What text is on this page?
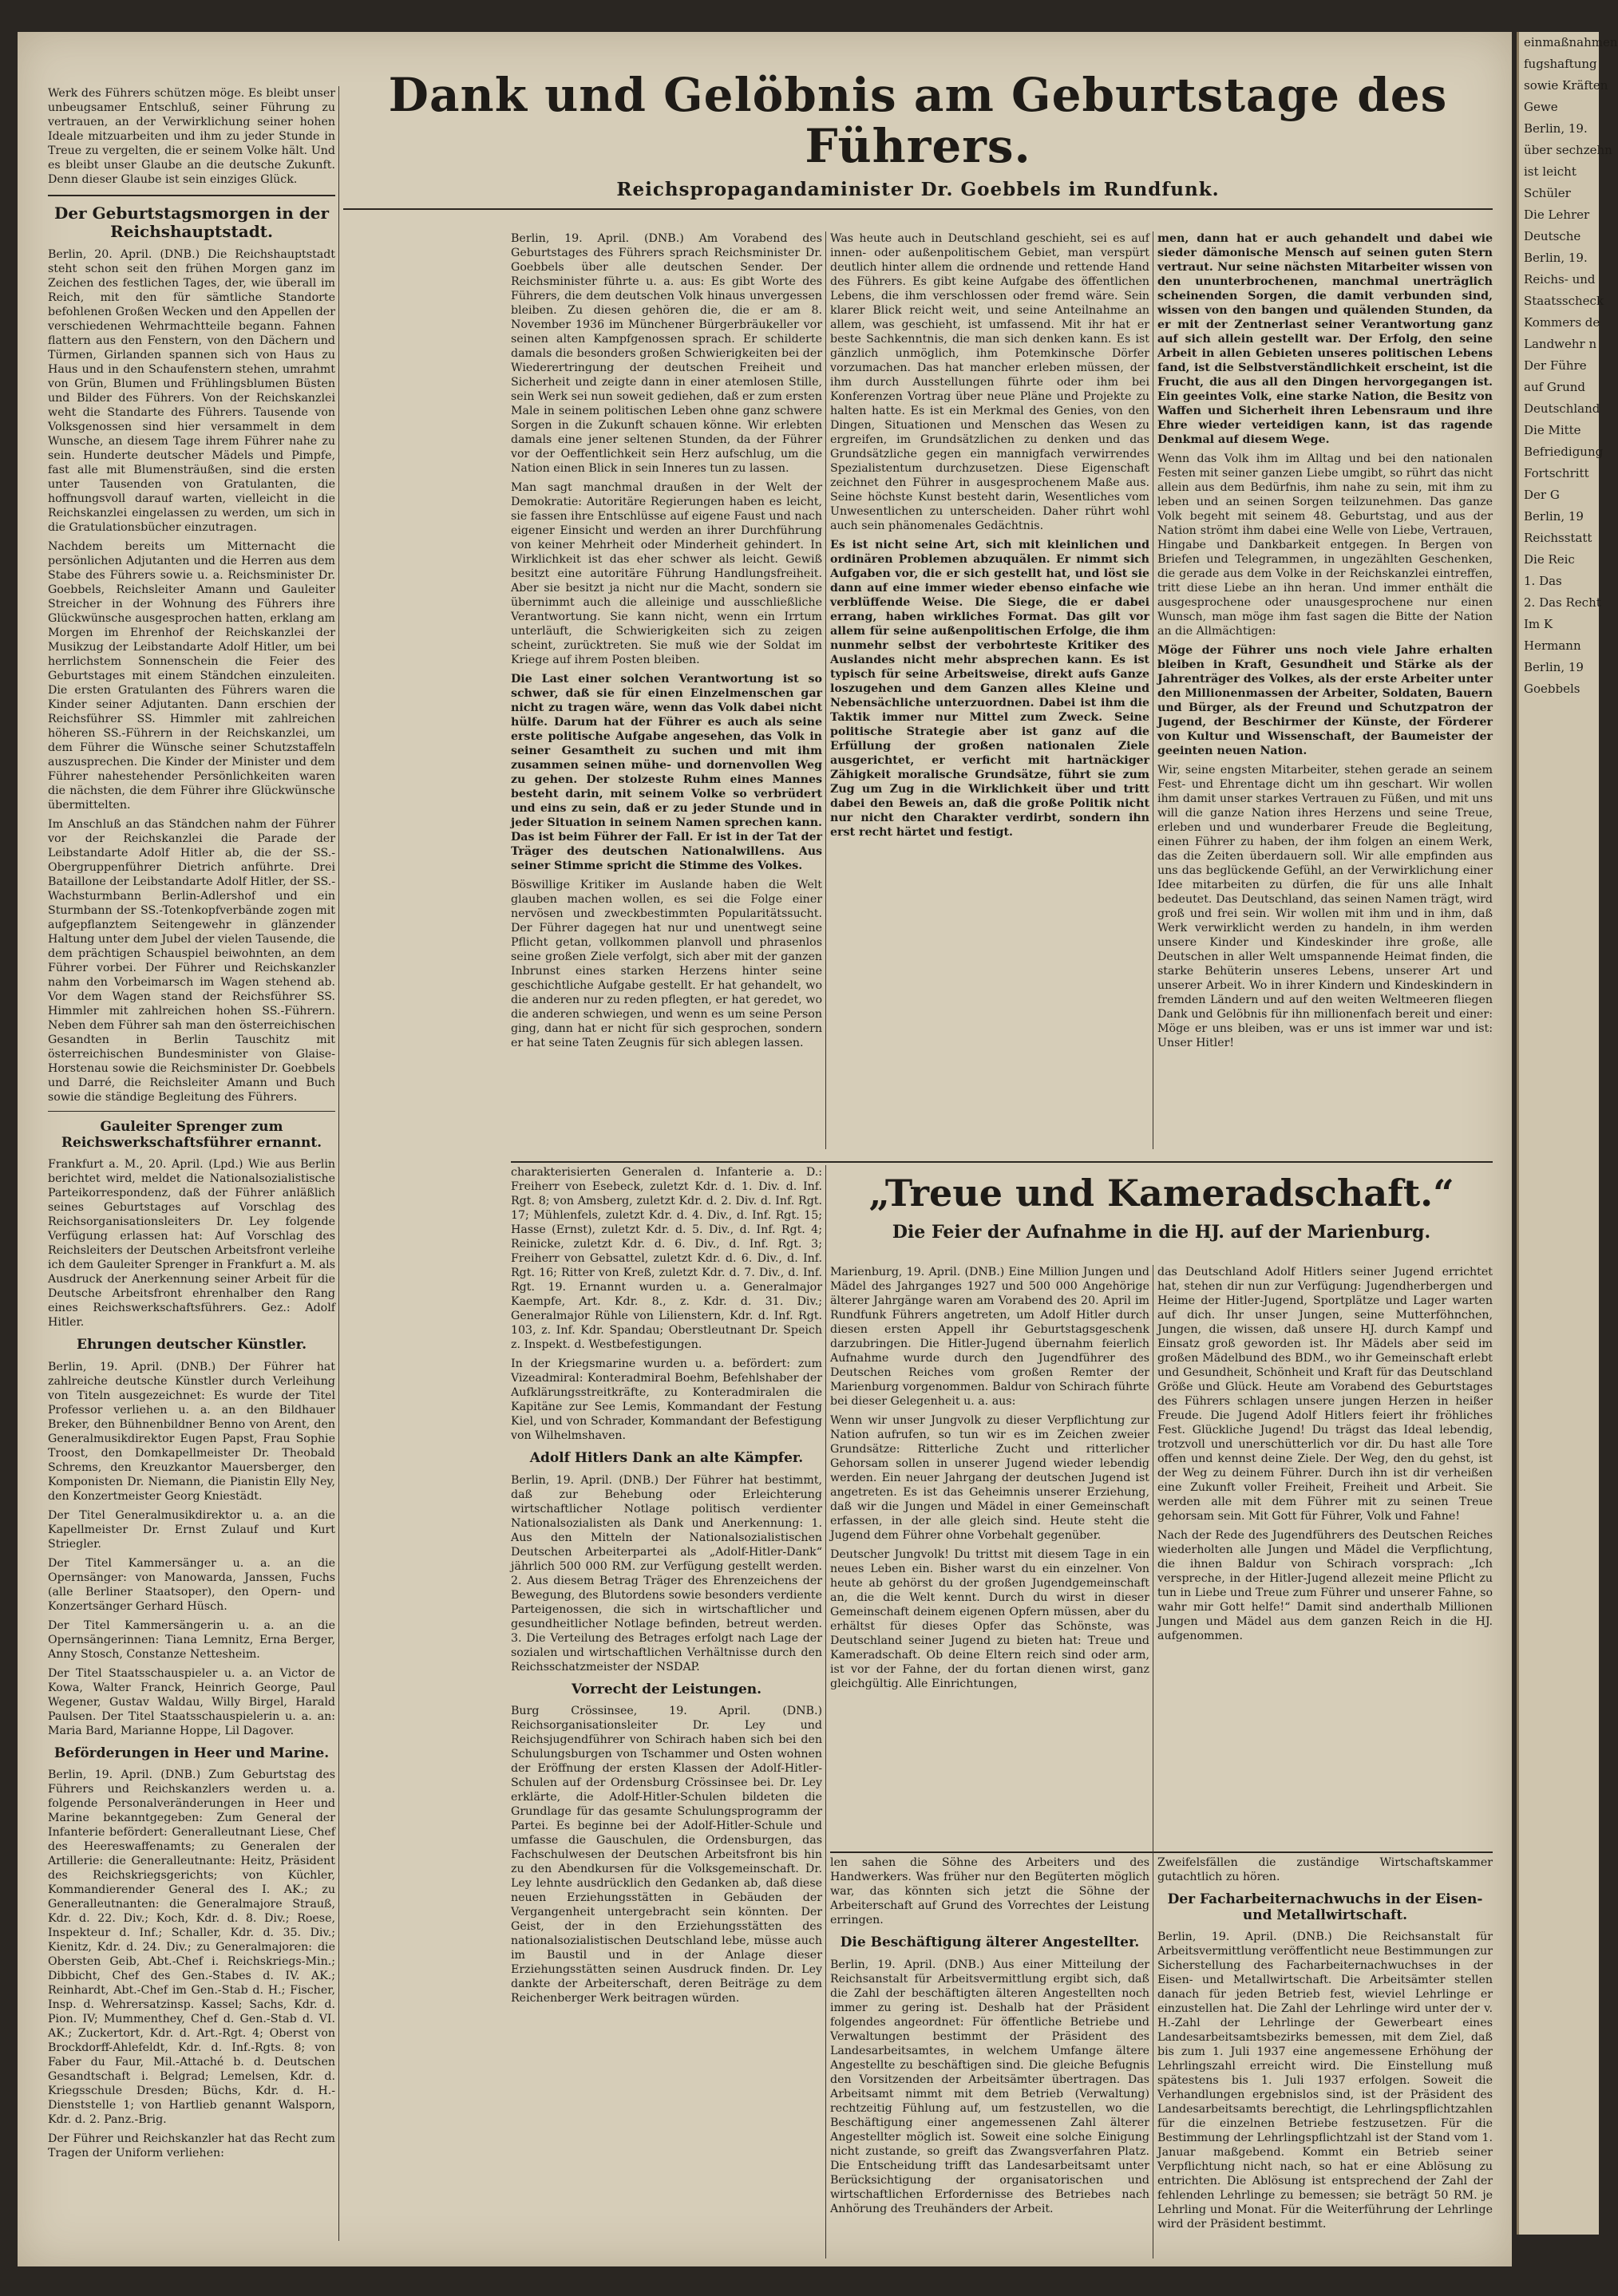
Werk des Führers schützen möge. Es bleibt unser unbeugsamer Entschluß, seiner Führung zu vertrauen, an der Verwirklichung seiner hohen Ideale mitzuarbeiten und ihm zu jeder Stunde in Treue zu vergelten, die er seinem Volke hält. Und es bleibt unser Glaube an die deutsche Zukunft. Denn dieser Glaube ist sein einziges Glück.

Der Geburtstagsmorgen in der Reichshauptstadt.

Berlin, 20. April. (DNB.) Die Reichshauptstadt steht schon seit den frühen Morgen ganz im Zeichen des festlichen Tages, der, wie überall im Reich, mit den für sämtliche Standorte befohlenen Großen Wecken und den Appellen der verschiedenen Wehrmachtteile begann. Fahnen flattern aus den Fenstern, von den Dächern und Türmen, Girlanden spannen sich von Haus zu Haus und in den Schaufenstern stehen, umrahmt von Grün, Blumen und Frühlingsblumen Büsten und Bilder des Führers. Von der Reichskanzlei weht die Standarte des Führers. Tausende von Volksgenossen sind hier versammelt in dem Wunsche, an diesem Tage ihrem Führer nahe zu sein. Hunderte deutscher Mädels und Pimpfe, fast alle mit Blumensträußen, sind die ersten unter Tausenden von Gratulanten, die hoffnungsvoll darauf warten, vielleicht in die Reichskanzlei eingelassen zu werden, um sich in die Gratulationsbücher einzutragen.

Nachdem bereits um Mitternacht die persönlichen Adjutanten und die Herren aus dem Stabe des Führers sowie u. a. Reichsminister Dr. Goebbels, Reichsleiter Amann und Gauleiter Streicher in der Wohnung des Führers ihre Glückwünsche ausgesprochen hatten, erklang am Morgen im Ehrenhof der Reichskanzlei der Musikzug der Leibstandarte Adolf Hitler, um bei herrlichstem Sonnenschein die Feier des Geburtstages mit einem Ständchen einzuleiten. Die ersten Gratulanten des Führers waren die Kinder seiner Adjutanten. Dann erschien der Reichsführer SS. Himmler mit zahlreichen höheren SS.-Führern in der Reichskanzlei, um dem Führer die Wünsche seiner Schutzstaffeln auszusprechen. Die Kinder der Minister und dem Führer nahestehender Persönlichkeiten waren die nächsten, die dem Führer ihre Glückwünsche übermittelten.

Im Anschluß an das Ständchen nahm der Führer vor der Reichskanzlei die Parade der Leibstandarte Adolf Hitler ab, die der SS.-Obergruppenführer Dietrich anführte. Drei Bataillone der Leibstandarte Adolf Hitler, der SS.-Wachsturmbann Berlin-Adlershof und ein Sturmbann der SS.-Totenkopfverbände zogen mit aufgepflanztem Seitengewehr in glänzender Haltung unter dem Jubel der vielen Tausende, die dem prächtigen Schauspiel beiwohnten, an dem Führer vorbei. Der Führer und Reichskanzler nahm den Vorbeimarsch im Wagen stehend ab. Vor dem Wagen stand der Reichsführer SS. Himmler mit zahlreichen hohen SS.-Führern. Neben dem Führer sah man den österreichischen Gesandten in Berlin Tauschitz mit österreichischen Bundesminister von Glaise-Horstenau sowie die Reichsminister Dr. Goebbels und Darré, die Reichsleiter Amann und Buch sowie die ständige Begleitung des Führers.

Gauleiter Sprenger zum Reichswerkschaftsführer ernannt.

Frankfurt a. M., 20. April. (Lpd.) Wie aus Berlin berichtet wird, meldet die Nationalsozialistische Parteikorrespondenz, daß der Führer anläßlich seines Geburtstages auf Vorschlag des Reichsorganisationsleiters Dr. Ley folgende Verfügung erlassen hat: Auf Vorschlag des Reichsleiters der Deutschen Arbeitsfront verleihe ich dem Gauleiter Sprenger in Frankfurt a. M. als Ausdruck der Anerkennung seiner Arbeit für die Deutsche Arbeitsfront ehrenhalber den Rang eines Reichswerkschaftsführers. Gez.: Adolf Hitler.

Ehrungen deutscher Künstler.

Berlin, 19. April. (DNB.) Der Führer hat zahlreiche deutsche Künstler durch Verleihung von Titeln ausgezeichnet: Es wurde der Titel Professor verliehen u. a. an den Bildhauer Breker, den Bühnenbildner Benno von Arent, den Generalmusikdirektor Eugen Papst, Frau Sophie Troost, den Domkapellmeister Dr. Theobald Schrems, den Kreuzkantor Mauersberger, den Komponisten Dr. Niemann, die Pianistin Elly Ney, den Konzertmeister Georg Kniestädt.

Der Titel Generalmusikdirektor u. a. an die Kapellmeister Dr. Ernst Zulauf und Kurt Striegler.

Der Titel Kammersänger u. a. an die Opernsänger: von Manowarda, Janssen, Fuchs (alle Berliner Staatsoper), den Opern- und Konzertsänger Gerhard Hüsch.

Der Titel Kammersängerin u. a. an die Opernsängerinnen: Tiana Lemnitz, Erna Berger, Anny Stosch, Constanze Nettesheim.

Der Titel Staatsschauspieler u. a. an Victor de Kowa, Walter Franck, Heinrich George, Paul Wegener, Gustav Waldau, Willy Birgel, Harald Paulsen. Der Titel Staatsschauspielerin u. a. an: Maria Bard, Marianne Hoppe, Lil Dagover.

Beförderungen in Heer und Marine.

Berlin, 19. April. (DNB.) Zum Geburtstag des Führers und Reichskanzlers werden u. a. folgende Personalveränderungen in Heer und Marine bekanntgegeben: Zum General der Infanterie befördert: Generalleutnant Liese, Chef des Heereswaffenamts; zu Generalen der Artillerie: die Generalleutnante: Heitz, Präsident des Reichskriegsgerichts; von Küchler, Kommandierender General des I. AK.; zu Generalleutnanten: die Generalmajore Strauß, Kdr. d. 22. Div.; Koch, Kdr. d. 8. Div.; Roese, Inspekteur d. Inf.; Schaller, Kdr. d. 35. Div.; Kienitz, Kdr. d. 24. Div.; zu Generalmajoren: die Obersten Geib, Abt.-Chef i. Reichskriegs-Min.; Dibbicht, Chef des Gen.-Stabes d. IV. AK.; Reinhardt, Abt.-Chef im Gen.-Stab d. H.; Fischer, Insp. d. Wehrersatzinsp. Kassel; Sachs, Kdr. d. Pion. IV; Mummenthey, Chef d. Gen.-Stab d. VI. AK.; Zuckertort, Kdr. d. Art.-Rgt. 4; Oberst von Brockdorff-Ahlefeldt, Kdr. d. Inf.-Rgts. 8; von Faber du Faur, Mil.-Attaché b. d. Deutschen Gesandtschaft i. Belgrad; Lemelsen, Kdr. d. Kriegsschule Dresden; Büchs, Kdr. d. H.-Dienststelle 1; von Hartlieb genannt Walsporn, Kdr. d. 2. Panz.-Brig.

Der Führer und Reichskanzler hat das Recht zum Tragen der Uniform verliehen:

Dank und Gelöbnis am Geburtstage des Führers.
Reichspropagandaminister Dr. Goebbels im Rundfunk.

Berlin, 19. April. (DNB.) Am Vorabend des Geburtstages des Führers sprach Reichsminister Dr. Goebbels über alle deutschen Sender. Der Reichsminister führte u. a. aus: Es gibt Worte des Führers, die dem deutschen Volk hinaus unvergessen bleiben. Zu diesen gehören die, die er am 8. November 1936 im Münchener Bürgerbräukeller vor seinen alten Kampfgenossen sprach. Er schilderte damals die besonders großen Schwierigkeiten bei der Wiederertringung der deutschen Freiheit und Sicherheit und zeigte dann in einer atemlosen Stille, sein Werk sei nun soweit gediehen, daß er zum ersten Male in seinem politischen Leben ohne ganz schwere Sorgen in die Zukunft schauen könne. Wir erlebten damals eine jener seltenen Stunden, da der Führer vor der Oeffentlichkeit sein Herz aufschlug, um die Nation einen Blick in sein Inneres tun zu lassen.

Man sagt manchmal draußen in der Welt der Demokratie: Autoritäre Regierungen haben es leicht, sie fassen ihre Entschlüsse auf eigene Faust und nach eigener Einsicht und werden an ihrer Durchführung von keiner Mehrheit oder Minderheit gehindert. In Wirklichkeit ist das eher schwer als leicht. Gewiß besitzt eine autoritäre Führung Handlungsfreiheit. Aber sie besitzt ja nicht nur die Macht, sondern sie übernimmt auch die alleinige und ausschließliche Verantwortung. Sie kann nicht, wenn ein Irrtum unterläuft, die Schwierigkeiten sich zu zeigen scheint, zurücktreten. Sie muß wie der Soldat im Kriege auf ihrem Posten bleiben.

Die Last einer solchen Verantwortung ist so schwer, daß sie für einen Einzelmenschen gar nicht zu tragen wäre, wenn das Volk dabei nicht hülfe. Darum hat der Führer es auch als seine erste politische Aufgabe angesehen, das Volk in seiner Gesamtheit zu suchen und mit ihm zusammen seinen mühe- und dornenvollen Weg zu gehen. Der stolzeste Ruhm eines Mannes besteht darin, mit seinem Volke so verbrüdert und eins zu sein, daß er zu jeder Stunde und in jeder Situation in seinem Namen sprechen kann. Das ist beim Führer der Fall. Er ist in der Tat der Träger des deutschen Nationalwillens. Aus seiner Stimme spricht die Stimme des Volkes.

Böswillige Kritiker im Auslande haben die Welt glauben machen wollen, es sei die Folge einer nervösen und zweckbestimmten Popularitätssucht. Der Führer dagegen hat nur und unentwegt seine Pflicht getan, vollkommen planvoll und phrasenlos seine großen Ziele verfolgt, sich aber mit der ganzen Inbrunst eines starken Herzens hinter seine geschichtliche Aufgabe gestellt. Er hat gehandelt, wo die anderen nur zu reden pflegten, er hat geredet, wo die anderen schwiegen, und wenn es um seine Person ging, dann hat er nicht für sich gesprochen, sondern er hat seine Taten Zeugnis für sich ablegen lassen.

Was heute auch in Deutschland geschieht, sei es auf innen- oder außenpolitischem Gebiet, man verspürt deutlich hinter allem die ordnende und rettende Hand des Führers. Es gibt keine Aufgabe des öffentlichen Lebens, die ihm verschlossen oder fremd wäre. Sein klarer Blick reicht weit, und seine Anteilnahme an allem, was geschieht, ist umfassend. Mit ihr hat er beste Sachkenntnis, die man sich denken kann. Es ist gänzlich unmöglich, ihm Potemkinsche Dörfer vorzumachen. Das hat mancher erleben müssen, der ihm durch Ausstellungen führte oder ihm bei Konferenzen Vortrag über neue Pläne und Projekte zu halten hatte. Es ist ein Merkmal des Genies, von den Dingen, Situationen und Menschen das Wesen zu ergreifen, im Grundsätzlichen zu denken und das Grundsätzliche gegen ein mannigfach verwirrendes Spezialistentum durchzusetzen. Diese Eigenschaft zeichnet den Führer in ausgesprochenem Maße aus. Seine höchste Kunst besteht darin, Wesentliches vom Unwesentlichen zu unterscheiden. Daher rührt wohl auch sein phänomenales Gedächtnis.

Es ist nicht seine Art, sich mit kleinlichen und ordinären Problemen abzuquälen. Er nimmt sich Aufgaben vor, die er sich gestellt hat, und löst sie dann auf eine immer wieder ebenso einfache wie verblüffende Weise. Die Siege, die er dabei errang, haben wirkliches Format. Das gilt vor allem für seine außenpolitischen Erfolge, die ihm nunmehr selbst der verbohrteste Kritiker des Auslandes nicht mehr absprechen kann. Es ist typisch für seine Arbeitsweise, direkt aufs Ganze loszugehen und dem Ganzen alles Kleine und Nebensächliche unterzuordnen. Dabei ist ihm die Taktik immer nur Mittel zum Zweck. Seine politische Strategie aber ist ganz auf die Erfüllung der großen nationalen Ziele ausgerichtet, er verficht mit hartnäckiger Zähigkeit moralische Grundsätze, führt sie zum Zug um Zug in die Wirklichkeit über und tritt dabei den Beweis an, daß die große Politik nicht nur nicht den Charakter verdirbt, sondern ihn erst recht härtet und festigt.

men, dann hat er auch gehandelt und dabei wie sieder dämonische Mensch auf seinen guten Stern vertraut. Nur seine nächsten Mitarbeiter wissen von den ununterbrochenen, manchmal unerträglich scheinenden Sorgen, die damit verbunden sind, wissen von den bangen und quälenden Stunden, da er mit der Zentnerlast seiner Verantwortung ganz auf sich allein gestellt war. Der Erfolg, den seine Arbeit in allen Gebieten unseres politischen Lebens fand, ist die Selbstverständlichkeit erscheint, ist die Frucht, die aus all den Dingen hervorgegangen ist. Ein geeintes Volk, eine starke Nation, die Besitz von Waffen und Sicherheit ihren Lebensraum und ihre Ehre wieder verteidigen kann, ist das ragende Denkmal auf diesem Wege.

Wenn das Volk ihm im Alltag und bei den nationalen Festen mit seiner ganzen Liebe umgibt, so rührt das nicht allein aus dem Bedürfnis, ihm nahe zu sein, mit ihm zu leben und an seinen Sorgen teilzunehmen. Das ganze Volk begeht mit seinem 48. Geburtstag, und aus der Nation strömt ihm dabei eine Welle von Liebe, Vertrauen, Hingabe und Dankbarkeit entgegen. In Bergen von Briefen und Telegrammen, in ungezählten Geschenken, die gerade aus dem Volke in der Reichskanzlei eintreffen, tritt diese Liebe an ihn heran. Und immer enthält die ausgesprochene oder unausgesprochene nur einen Wunsch, man möge ihm fast sagen die Bitte der Nation an die Allmächtigen:

Möge der Führer uns noch viele Jahre erhalten bleiben in Kraft, Gesundheit und Stärke als der Jahrenträger des Volkes, als der erste Arbeiter unter den Millionenmassen der Arbeiter, Soldaten, Bauern und Bürger, als der Freund und Schutzpatron der Jugend, der Beschirmer der Künste, der Förderer von Kultur und Wissenschaft, der Baumeister der geeinten neuen Nation.

Wir, seine engsten Mitarbeiter, stehen gerade an seinem Fest- und Ehrentage dicht um ihn geschart. Wir wollen ihm damit unser starkes Vertrauen zu Füßen, und mit uns will die ganze Nation ihres Herzens und seine Treue, erleben und und wunderbarer Freude die Begleitung, einen Führer zu haben, der ihm folgen an einem Werk, das die Zeiten überdauern soll. Wir alle empfinden aus uns das beglückende Gefühl, an der Verwirklichung einer Idee mitarbeiten zu dürfen, die für uns alle Inhalt bedeutet. Das Deutschland, das seinen Namen trägt, wird groß und frei sein. Wir wollen mit ihm und in ihm, daß Werk verwirklicht werden zu handeln, in ihm werden unsere Kinder und Kindeskinder ihre große, alle Deutschen in aller Welt umspannende Heimat finden, die starke Behüterin unseres Lebens, unserer Art und unserer Arbeit. Wo in ihrer Kindern und Kindeskindern in fremden Ländern und auf den weiten Weltmeeren fliegen Dank und Gelöbnis für ihn millionenfach bereit und einer: Möge er uns bleiben, was er uns ist immer war und ist: Unser Hitler!

charakterisierten Generalen d. Infanterie a. D.: Freiherr von Esebeck, zuletzt Kdr. d. 1. Div. d. Inf. Rgt. 8; von Amsberg, zuletzt Kdr. d. 2. Div. d. Inf. Rgt. 17; Mühlenfels, zuletzt Kdr. d. 4. Div., d. Inf. Rgt. 15; Hasse (Ernst), zuletzt Kdr. d. 5. Div., d. Inf. Rgt. 4; Reinicke, zuletzt Kdr. d. 6. Div., d. Inf. Rgt. 3; Freiherr von Gebsattel, zuletzt Kdr. d. 6. Div., d. Inf. Rgt. 16; Ritter von Kreß, zuletzt Kdr. d. 7. Div., d. Inf. Rgt. 19. Ernannt wurden u. a. Generalmajor Kaempfe, Art. Kdr. 8., z. Kdr. d. 31. Div.; Generalmajor Rühle von Lilienstern, Kdr. d. Inf. Rgt. 103, z. Inf. Kdr. Spandau; Oberstleutnant Dr. Speich z. Inspekt. d. Westbefestigungen.

In der Kriegsmarine wurden u. a. befördert: zum Vizeadmiral: Konteradmiral Boehm, Befehlshaber der Aufklärungsstreitkräfte, zu Konteradmiralen die Kapitäne zur See Lemis, Kommandant der Festung Kiel, und von Schrader, Kommandant der Befestigung von Wilhelmshaven.

Adolf Hitlers Dank an alte Kämpfer.

Berlin, 19. April. (DNB.) Der Führer hat bestimmt, daß zur Behebung oder Erleichterung wirtschaftlicher Notlage politisch verdienter Nationalsozialisten als Dank und Anerkennung: 1. Aus den Mitteln der Nationalsozialistischen Deutschen Arbeiterpartei als „Adolf-Hitler-Dank“ jährlich 500 000 RM. zur Verfügung gestellt werden. 2. Aus diesem Betrag Träger des Ehrenzeichens der Bewegung, des Blutordens sowie besonders verdiente Parteigenossen, die sich in wirtschaftlicher und gesundheitlicher Notlage befinden, betreut werden. 3. Die Verteilung des Betrages erfolgt nach Lage der sozialen und wirtschaftlichen Verhältnisse durch den Reichsschatzmeister der NSDAP.

Vorrecht der Leistungen.

Burg Crössinsee, 19. April. (DNB.) Reichsorganisationsleiter Dr. Ley und Reichsjugendführer von Schirach haben sich bei den Schulungsburgen von Tschammer und Osten wohnen der Eröffnung der ersten Klassen der Adolf-Hitler-Schulen auf der Ordensburg Crössinsee bei. Dr. Ley erklärte, die Adolf-Hitler-Schulen bildeten die Grundlage für das gesamte Schulungsprogramm der Partei. Es beginne bei der Adolf-Hitler-Schule und umfasse die Gauschulen, die Ordensburgen, das Fachschulwesen der Deutschen Arbeitsfront bis hin zu den Abendkursen für die Volksgemeinschaft. Dr. Ley lehnte ausdrücklich den Gedanken ab, daß diese neuen Erziehungsstätten in Gebäuden der Vergangenheit untergebracht sein könnten. Der Geist, der in den Erziehungsstätten des nationalsozialistischen Deutschland lebe, müsse auch im Baustil und in der Anlage dieser Erziehungsstätten seinen Ausdruck finden. Dr. Ley dankte der Arbeiterschaft, deren Beiträge zu dem Reichenberger Werk beitragen würden.

„Treue und Kameradschaft.“
Die Feier der Aufnahme in die HJ. auf der Marienburg.

Marienburg, 19. April. (DNB.) Eine Million Jungen und Mädel des Jahrganges 1927 und 500 000 Angehörige älterer Jahrgänge waren am Vorabend des 20. April im Rundfunk Führers angetreten, um Adolf Hitler durch diesen ersten Appell ihr Geburtstagsgeschenk darzubringen. Die Hitler-Jugend übernahm feierlich Aufnahme wurde durch den Jugendführer des Deutschen Reiches vom großen Remter der Marienburg vorgenommen. Baldur von Schirach führte bei dieser Gelegenheit u. a. aus:

Wenn wir unser Jungvolk zu dieser Verpflichtung zur Nation aufrufen, so tun wir es im Zeichen zweier Grundsätze: Ritterliche Zucht und ritterlicher Gehorsam sollen in unserer Jugend wieder lebendig werden. Ein neuer Jahrgang der deutschen Jugend ist angetreten. Es ist das Geheimnis unserer Erziehung, daß wir die Jungen und Mädel in einer Gemeinschaft erfassen, in der alle gleich sind. Heute steht die Jugend dem Führer ohne Vorbehalt gegenüber.

Deutscher Jungvolk! Du trittst mit diesem Tage in ein neues Leben ein. Bisher warst du ein einzelner. Von heute ab gehörst du der großen Jugendgemeinschaft an, die die Welt kennt. Durch du wirst in dieser Gemeinschaft deinem eigenen Opfern müssen, aber du erhältst für dieses Opfer das Schönste, was Deutschland seiner Jugend zu bieten hat: Treue und Kameradschaft. Ob deine Eltern reich sind oder arm, ist vor der Fahne, der du fortan dienen wirst, ganz gleichgültig. Alle Einrichtungen,

das Deutschland Adolf Hitlers seiner Jugend errichtet hat, stehen dir nun zur Verfügung: Jugendherbergen und Heime der Hitler-Jugend, Sportplätze und Lager warten auf dich. Ihr unser Jungen, seine Mutterföhnchen, Jungen, die wissen, daß unsere HJ. durch Kampf und Einsatz groß geworden ist. Ihr Mädels aber seid im großen Mädelbund des BDM., wo ihr Gemeinschaft erlebt und Gesundheit, Schönheit und Kraft für das Deutschland Größe und Glück. Heute am Vorabend des Geburtstages des Führers schlagen unsere jungen Herzen in heißer Freude. Die Jugend Adolf Hitlers feiert ihr fröhliches Fest. Glückliche Jugend! Du trägst das Ideal lebendig, trotzvoll und unerschütterlich vor dir. Du hast alle Tore offen und kennst deine Ziele. Der Weg, den du gehst, ist der Weg zu deinem Führer. Durch ihn ist dir verheißen eine Zukunft voller Freiheit, Freiheit und Arbeit. Sie werden alle mit dem Führer mit zu seinen Treue gehorsam sein. Mit Gott für Führer, Volk und Fahne!

Nach der Rede des Jugendführers des Deutschen Reiches wiederholten alle Jungen und Mädel die Verpflichtung, die ihnen Baldur von Schirach vorsprach: „Ich verspreche, in der Hitler-Jugend allezeit meine Pflicht zu tun in Liebe und Treue zum Führer und unserer Fahne, so wahr mir Gott helfe!“ Damit sind anderthalb Millionen Jungen und Mädel aus dem ganzen Reich in die HJ. aufgenommen.

len sahen die Söhne des Arbeiters und des Handwerkers. Was früher nur den Begüterten möglich war, das könnten sich jetzt die Söhne der Arbeiterschaft auf Grund des Vorrechtes der Leistung erringen.

Die Beschäftigung älterer Angestellter.

Berlin, 19. April. (DNB.) Aus einer Mitteilung der Reichsanstalt für Arbeitsvermittlung ergibt sich, daß die Zahl der beschäftigten älteren Angestellten noch immer zu gering ist. Deshalb hat der Präsident folgendes angeordnet: Für öffentliche Betriebe und Verwaltungen bestimmt der Präsident des Landesarbeitsamtes, in welchem Umfange ältere Angestellte zu beschäftigen sind. Die gleiche Befugnis den Vorsitzenden der Arbeitsämter übertragen. Das Arbeitsamt nimmt mit dem Betrieb (Verwaltung) rechtzeitig Fühlung auf, um festzustellen, wo die Beschäftigung einer angemessenen Zahl älterer Angestellter möglich ist. Soweit eine solche Einigung nicht zustande, so greift das Zwangsverfahren Platz. Die Entscheidung trifft das Landesarbeitsamt unter Berücksichtigung der organisatorischen und wirtschaftlichen Erfordernisse des Betriebes nach Anhörung des Treuhänders der Arbeit.

Zweifelsfällen die zuständige Wirtschaftskammer gutachtlich zu hören.

Der Facharbeiternachwuchs in der Eisen- und Metallwirtschaft.

Berlin, 19. April. (DNB.) Die Reichsanstalt für Arbeitsvermittlung veröffentlicht neue Bestimmungen zur Sicherstellung des Facharbeiternachwuchses in der Eisen- und Metallwirtschaft. Die Arbeitsämter stellen danach für jeden Betrieb fest, wieviel Lehrlinge er einzustellen hat. Die Zahl der Lehrlinge wird unter der v. H.-Zahl der Lehrlinge der Gewerbeart eines Landesarbeitsamtsbezirks bemessen, mit dem Ziel, daß bis zum 1. Juli 1937 eine angemessene Erhöhung der Lehrlingszahl erreicht wird. Die Einstellung muß spätestens bis 1. Juli 1937 erfolgen. Soweit die Verhandlungen ergebnislos sind, ist der Präsident des Landesarbeitsamts berechtigt, die Lehrlingspflichtzahlen für die einzelnen Betriebe festzusetzen. Für die Bestimmung der Lehrlingspflichtzahl ist der Stand vom 1. Januar maßgebend. Kommt ein Betrieb seiner Verpflichtung nicht nach, so hat er eine Ablösung zu entrichten. Die Ablösung ist entsprechend der Zahl der fehlenden Lehrlinge zu bemessen; sie beträgt 50 RM. je Lehrling und Monat. Für die Weiterführung der Lehrlinge wird der Präsident bestimmt.

einmaßnahmen

fugshaftung

sowie Kräften

Gewe

Berlin, 19.

über sechzehn

ist leicht

Schüler

Die Lehrer

Deutsche

Berlin, 19.

Reichs- und

Staatsscheck

Kommers de

Landwehr n

Der Führe

auf Grund

Deutschland

Die Mitte

Befriedigung

Fortschritt

Der G

Berlin, 19

Reichsstatt

Die Reic

1. Das

2. Das Recht

Im K

Hermann

Berlin, 19

Goebbels
